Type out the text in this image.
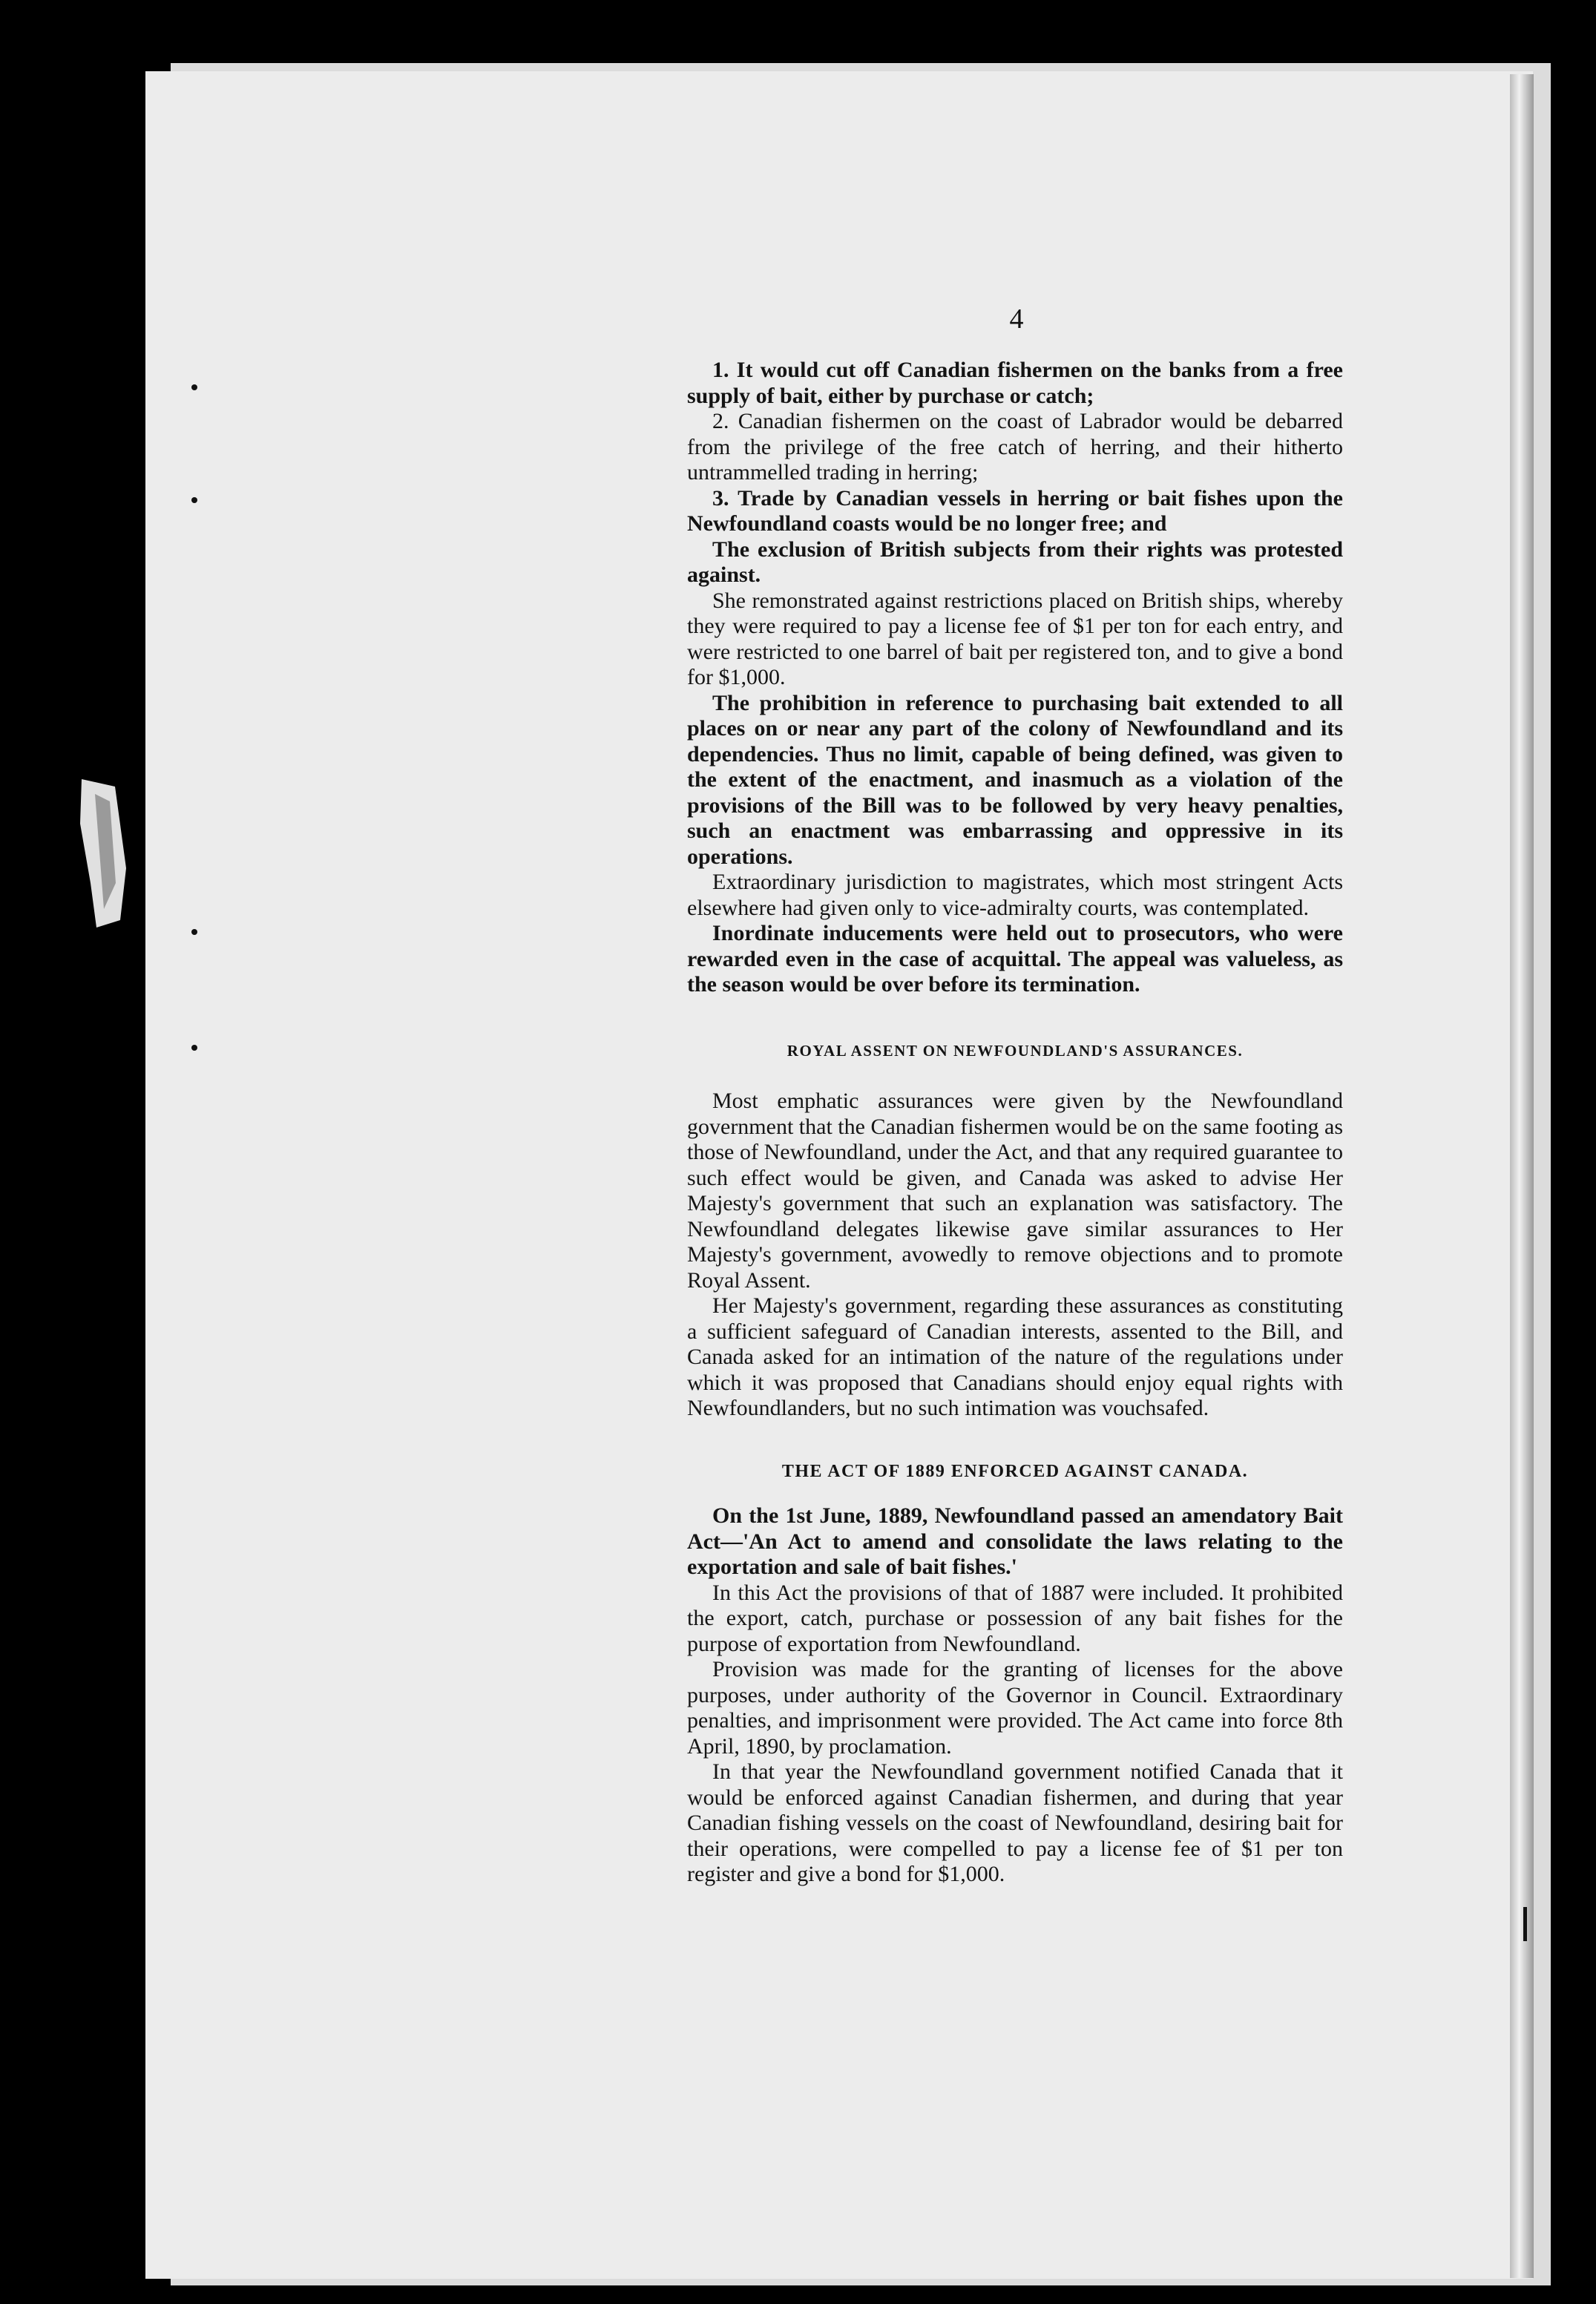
4

1. It would cut off Canadian fishermen on the banks from a free supply of bait, either by purchase or catch;

2. Canadian fishermen on the coast of Labrador would be debarred from the privilege of the free catch of herring, and their hitherto untrammelled trading in herring;

3. Trade by Canadian vessels in herring or bait fishes upon the Newfoundland coasts would be no longer free; and

The exclusion of British subjects from their rights was protested against.

She remonstrated against restrictions placed on British ships, whereby they were required to pay a license fee of $1 per ton for each entry, and were restricted to one barrel of bait per registered ton, and to give a bond for $1,000.

The prohibition in reference to purchasing bait extended to all places on or near any part of the colony of Newfoundland and its dependencies. Thus no limit, capable of being defined, was given to the extent of the enactment, and inasmuch as a violation of the provisions of the Bill was to be followed by very heavy penalties, such an enactment was embarrassing and oppressive in its operations.

Extraordinary jurisdiction to magistrates, which most stringent Acts elsewhere had given only to vice-admiralty courts, was contemplated.

Inordinate inducements were held out to prosecutors, who were rewarded even in the case of acquittal. The appeal was valueless, as the season would be over before its termination.

ROYAL ASSENT ON NEWFOUNDLAND'S ASSURANCES.

Most emphatic assurances were given by the Newfoundland government that the Canadian fishermen would be on the same footing as those of Newfoundland, under the Act, and that any required guarantee to such effect would be given, and Canada was asked to advise Her Majesty's government that such an explanation was satisfactory. The Newfoundland delegates likewise gave similar assurances to Her Majesty's government, avowedly to remove objections and to promote Royal Assent.

Her Majesty's government, regarding these assurances as constituting a sufficient safeguard of Canadian interests, assented to the Bill, and Canada asked for an intimation of the nature of the regulations under which it was proposed that Canadians should enjoy equal rights with Newfoundlanders, but no such intimation was vouchsafed.

THE ACT OF 1889 ENFORCED AGAINST CANADA.

On the 1st June, 1889, Newfoundland passed an amendatory Bait Act—'An Act to amend and consolidate the laws relating to the exportation and sale of bait fishes.'

In this Act the provisions of that of 1887 were included. It prohibited the export, catch, purchase or possession of any bait fishes for the purpose of exportation from Newfoundland.

Provision was made for the granting of licenses for the above purposes, under authority of the Governor in Council. Extraordinary penalties, and imprisonment were provided. The Act came into force 8th April, 1890, by proclamation.

In that year the Newfoundland government notified Canada that it would be enforced against Canadian fishermen, and during that year Canadian fishing vessels on the coast of Newfoundland, desiring bait for their operations, were compelled to pay a license fee of $1 per ton register and give a bond for $1,000.
